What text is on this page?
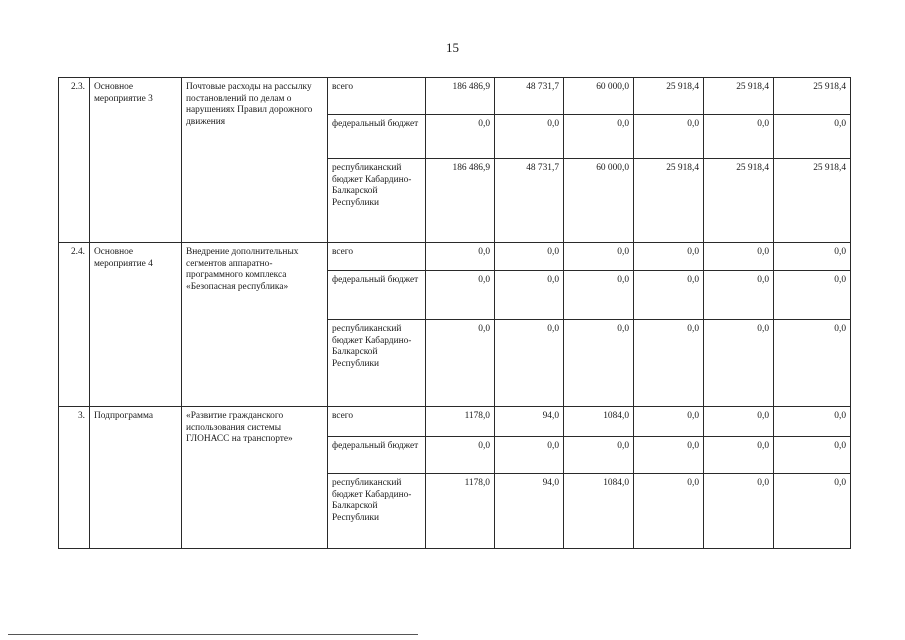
15
2.3.	Основное мероприятие 3	Почтовые расходы на рассылку постановлений по делам о нарушениях Правил дорожного движения	всего	186 486,9	48 731,7	60 000,0	25 918,4	25 918,4	25 918,4
			федеральный бюджет	0,0	0,0	0,0	0,0	0,0	0,0
			республиканский бюджет Кабардино-Балкарской Республики	186 486,9	48 731,7	60 000,0	25 918,4	25 918,4	25 918,4
2.4.	Основное мероприятие 4	Внедрение дополнительных сегментов аппаратно-программного комплекса «Безопасная республика»	всего	0,0	0,0	0,0	0,0	0,0	0,0
			федеральный бюджет	0,0	0,0	0,0	0,0	0,0	0,0
			республиканский бюджет Кабардино-Балкарской Республики	0,0	0,0	0,0	0,0	0,0	0,0
3.	Подпрограмма	«Развитие гражданского использования системы ГЛОНАСС на транспорте»	всего	1178,0	94,0	1084,0	0,0	0,0	0,0
			федеральный бюджет	0,0	0,0	0,0	0,0	0,0	0,0
			республиканский бюджет Кабардино-Балкарской Республики	1178,0	94,0	1084,0	0,0	0,0	0,0
